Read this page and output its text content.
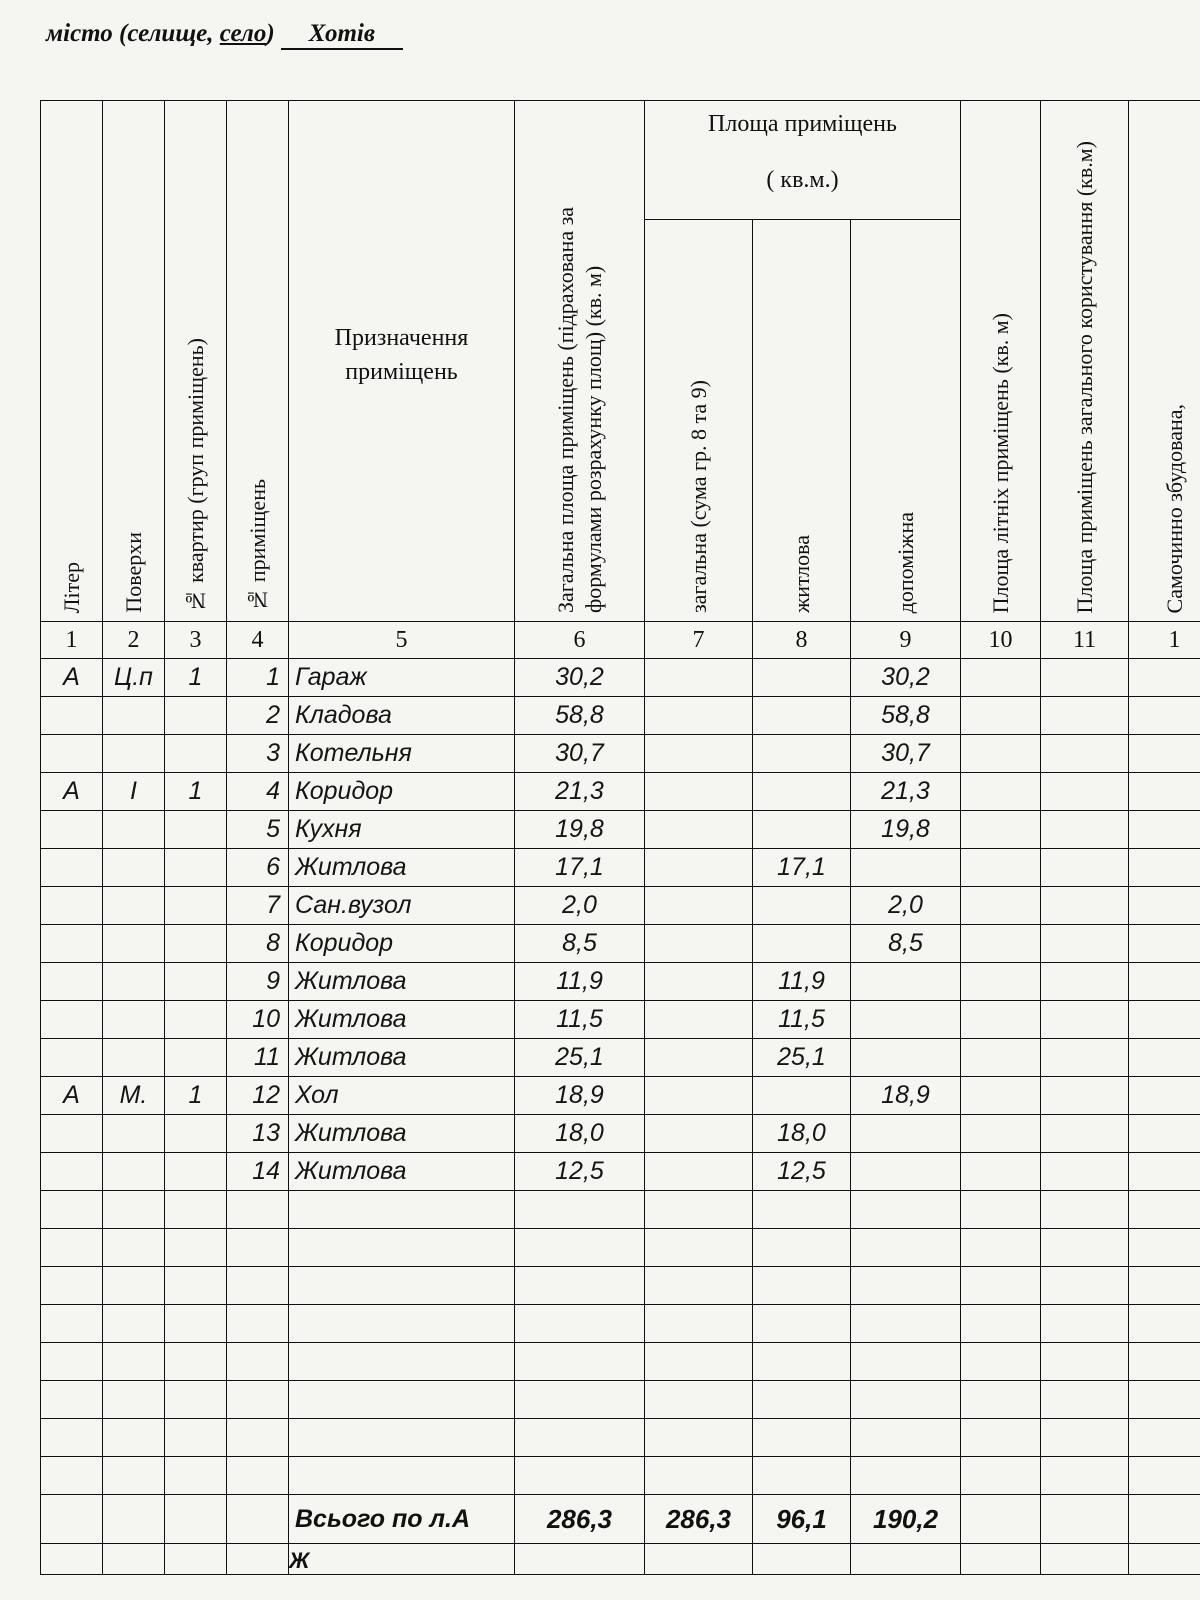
місто (селище, село) Хотів
Літер	Поверхи	№ квартир (груп приміщень)	№ приміщень	Призначення приміщень	Загальна площа приміщень (підрахована за формулами розрахунку площ) (кв. м)	Площа приміщень
( кв.м.)			Площа літніх приміщень (кв. м)	Площа приміщень загального користування (кв.м)	Самочинно збудована,

						загальна (сума гр. 8 та 9)	житлова	допоміжна			

1	2	3	4	5	6	7	8	9	10	11	1
А	Ц.п	1	1	Гараж	30,2			30,2			
			2	Кладова	58,8			58,8			
			3	Котельня	30,7			30,7			
А	І	1	4	Коридор	21,3			21,3			
			5	Кухня	19,8			19,8			
			6	Житлова	17,1		17,1				
			7	Сан.вузол	2,0			2,0			
			8	Коридор	8,5			8,5			
			9	Житлова	11,9		11,9				
			10	Житлова	11,5		11,5				
			11	Житлова	25,1		25,1				
А	М.	1	12	Хол	18,9			18,9			
			13	Житлова	18,0		18,0				
			14	Житлова	12,5		12,5				

				Всього по л.А	286,3	286,3	96,1	190,2			
				Ж							
